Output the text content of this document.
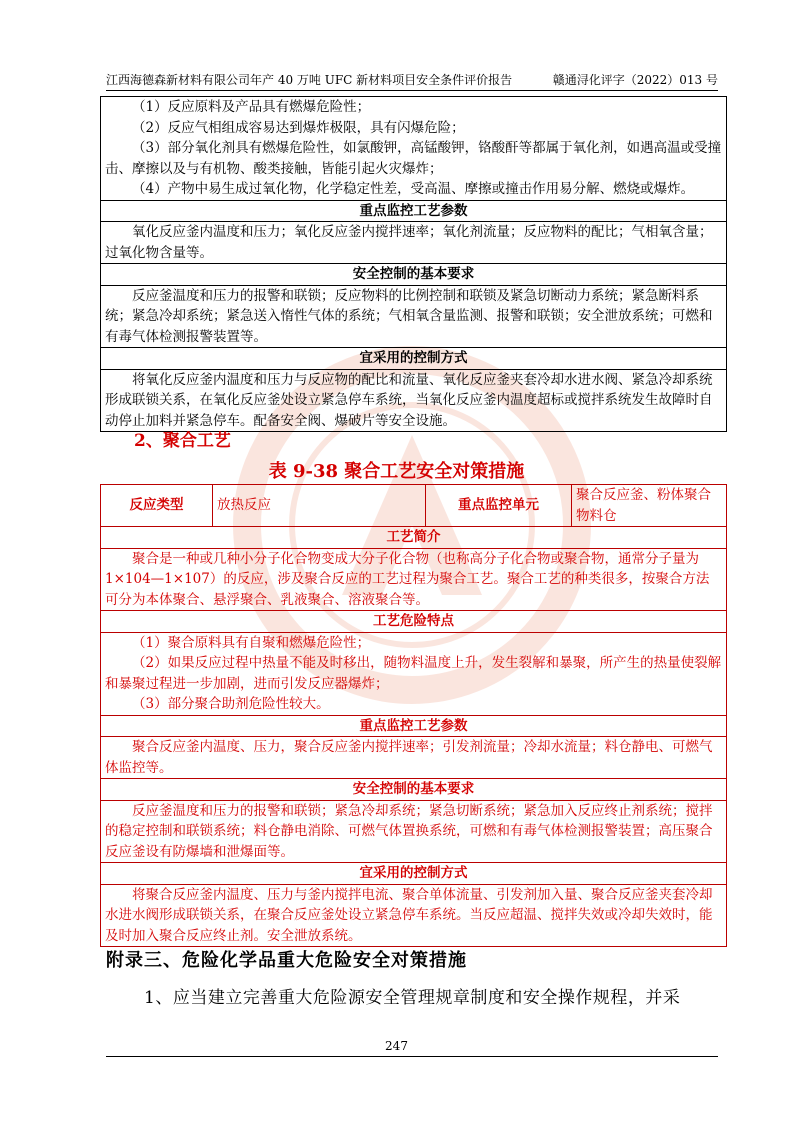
江西海德森新材料有限公司年产 40 万吨 UFC 新材料项目安全条件评价报告	赣通浔化评字（2022）013 号

（1）反应原料及产品具有燃爆危险性；

（2）反应气相组成容易达到爆炸极限，具有闪爆危险；

（3）部分氧化剂具有燃爆危险性，如氯酸钾，高锰酸钾，铬酸酐等都属于氧化剂，如遇高温或受撞击、摩擦以及与有机物、酸类接触，皆能引起火灾爆炸；

（4）产物中易生成过氧化物，化学稳定性差，受高温、摩擦或撞击作用易分解、燃烧或爆炸。

重点监控工艺参数

氧化反应釜内温度和压力；氧化反应釜内搅拌速率；氧化剂流量；反应物料的配比；气相氧含量；过氧化物含量等。

安全控制的基本要求

反应釜温度和压力的报警和联锁；反应物料的比例控制和联锁及紧急切断动力系统；紧急断料系统；紧急冷却系统；紧急送入惰性气体的系统；气相氧含量监测、报警和联锁；安全泄放系统；可燃和有毒气体检测报警装置等。

宜采用的控制方式

将氧化反应釜内温度和压力与反应物的配比和流量、氧化反应釜夹套冷却水进水阀、紧急冷却系统形成联锁关系，在氧化反应釜处设立紧急停车系统，当氧化反应釜内温度超标或搅拌系统发生故障时自动停止加料并紧急停车。配备安全阀、爆破片等安全设施。

2、聚合工艺
表 9-38 聚合工艺安全对策措施
反应类型	放热反应	重点监控单元	聚合反应釜、粉体聚合物料仓
工艺简介

聚合是一种或几种小分子化合物变成大分子化合物（也称高分子化合物或聚合物，通常分子量为1×104—1×107）的反应，涉及聚合反应的工艺过程为聚合工艺。聚合工艺的种类很多，按聚合方法可分为本体聚合、悬浮聚合、乳液聚合、溶液聚合等。

工艺危险特点

（1）聚合原料具有自聚和燃爆危险性；

（2）如果反应过程中热量不能及时移出，随物料温度上升，发生裂解和暴聚，所产生的热量使裂解和暴聚过程进一步加剧，进而引发反应器爆炸；

（3）部分聚合助剂危险性较大。

重点监控工艺参数

聚合反应釜内温度、压力，聚合反应釜内搅拌速率；引发剂流量；冷却水流量；料仓静电、可燃气体监控等。

安全控制的基本要求

反应釜温度和压力的报警和联锁；紧急冷却系统；紧急切断系统；紧急加入反应终止剂系统；搅拌的稳定控制和联锁系统；料仓静电消除、可燃气体置换系统，可燃和有毒气体检测报警装置；高压聚合反应釜设有防爆墙和泄爆面等。

宜采用的控制方式

将聚合反应釜内温度、压力与釜内搅拌电流、聚合单体流量、引发剂加入量、聚合反应釜夹套冷却水进水阀形成联锁关系，在聚合反应釜处设立紧急停车系统。当反应超温、搅拌失效或冷却失效时，能及时加入聚合反应终止剂。安全泄放系统。

附录三、危险化学品重大危险安全对策措施
1、应当建立完善重大危险源安全管理规章制度和安全操作规程，并采
247
